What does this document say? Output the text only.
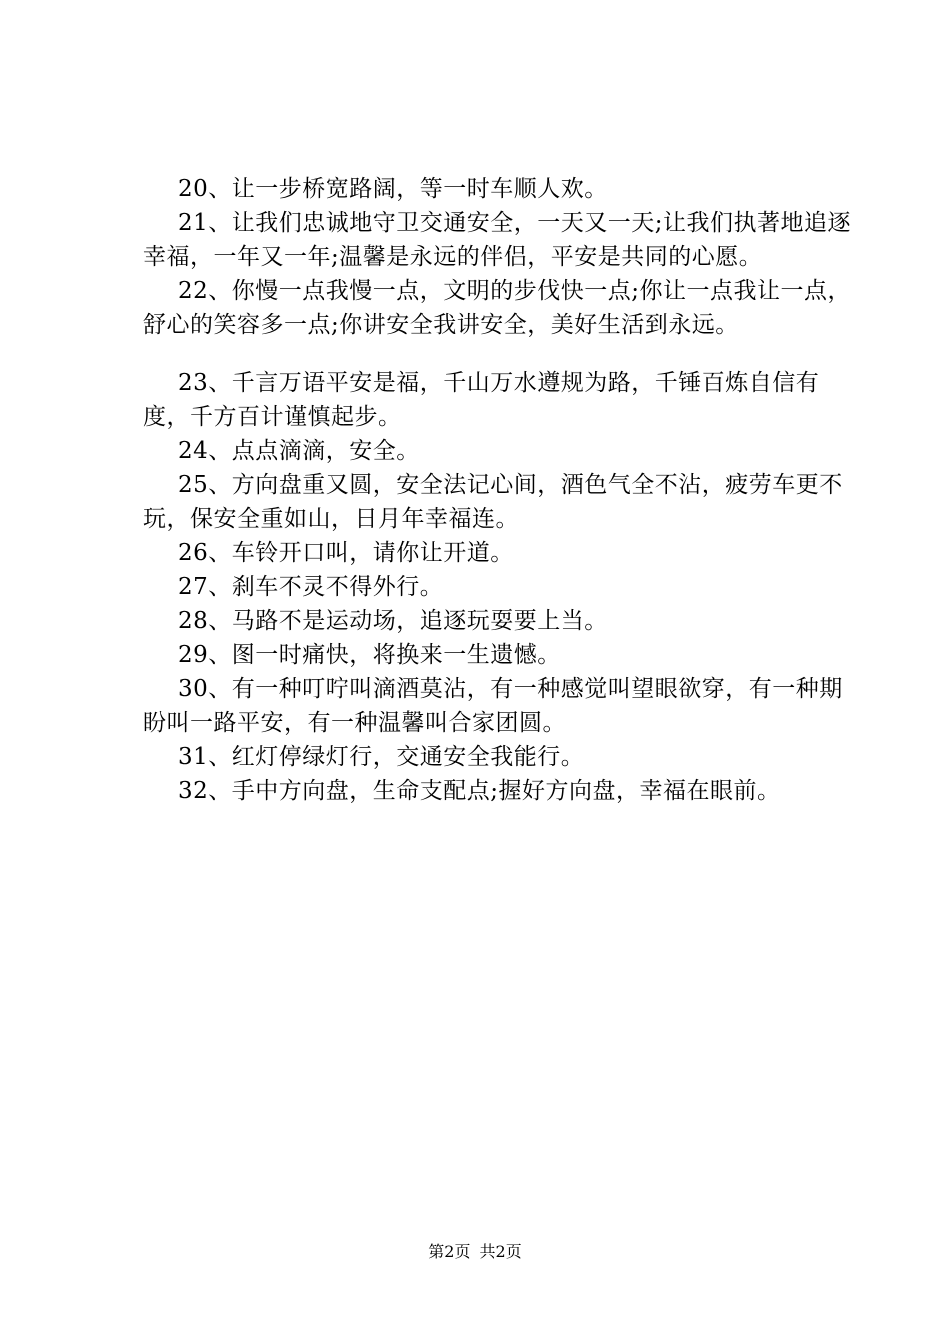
20、让一步桥宽路阔，等一时车顺人欢。

21、让我们忠诚地守卫交通安全，一天又一天;让我们执著地追逐幸福，一年又一年;温馨是永远的伴侣，平安是共同的心愿。

22、你慢一点我慢一点，文明的步伐快一点;你让一点我让一点，舒心的笑容多一点;你讲安全我讲安全，美好生活到永远。

23、千言万语平安是福，千山万水遵规为路，千锤百炼自信有度，千方百计谨慎起步。

24、点点滴滴，安全。

25、方向盘重又圆，安全法记心间，酒色气全不沾，疲劳车更不玩，保安全重如山，日月年幸福连。

26、车铃开口叫，请你让开道。

27、刹车不灵不得外行。

28、马路不是运动场，追逐玩耍要上当。

29、图一时痛快，将换来一生遗憾。

30、有一种叮咛叫滴酒莫沾，有一种感觉叫望眼欲穿，有一种期盼叫一路平安，有一种温馨叫合家团圆。

31、红灯停绿灯行，交通安全我能行。

32、手中方向盘，生命支配点;握好方向盘，幸福在眼前。

第2页 共2页
